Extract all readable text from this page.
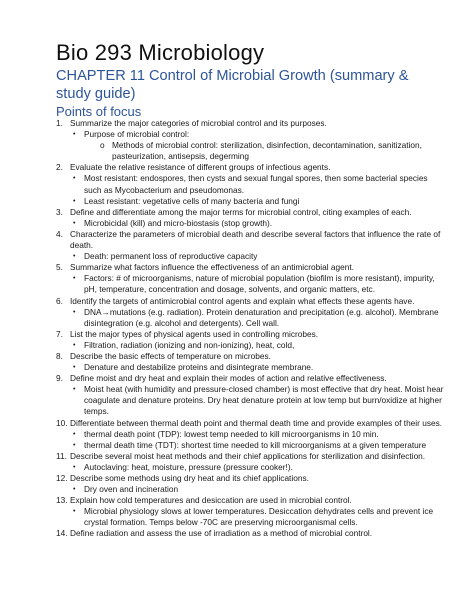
Bio 293 Microbiology
CHAPTER 11 Control of Microbial Growth (summary & study guide)
Points of focus
1. Summarize the major categories of microbial control and its purposes.
• Purpose of microbial control:
o Methods of microbial control: sterilization, disinfection, decontamination, sanitization, pasteurization, antisepsis, degerming
2. Evaluate the relative resistance of different groups of infectious agents.
• Most resistant: endospores, then cysts and sexual fungal spores, then some bacterial species such as Mycobacterium and pseudomonas.
• Least resistant: vegetative cells of many bacteria and fungi
3. Define and differentiate among the major terms for microbial control, citing examples of each.
• Microbicidal (kill) and micro-biostasis (stop growth).
4. Characterize the parameters of microbial death and describe several factors that influence the rate of death.
• Death: permanent loss of reproductive capacity
5. Summarize what factors influence the effectiveness of an antimicrobial agent.
• Factors: # of microorganisms, nature of microbial population (biofilm is more resistant), impurity, pH, temperature, concentration and dosage, solvents, and organic matters, etc.
6. Identify the targets of antimicrobial control agents and explain what effects these agents have.
• DNA→mutations (e.g. radiation). Protein denaturation and precipitation (e.g. alcohol). Membrane disintegration (e.g. alcohol and detergents). Cell wall.
7. List the major types of physical agents used in controlling microbes.
• Filtration, radiation (ionizing and non-ionizing), heat, cold,
8. Describe the basic effects of temperature on microbes.
• Denature and destabilize proteins and disintegrate membrane.
9. Define moist and dry heat and explain their modes of action and relative effectiveness.
• Moist heat (with humidity and pressure-closed chamber) is most effective that dry heat. Moist hear coagulate and denature proteins. Dry heat denature protein at low temp but burn/oxidize at higher temps.
10. Differentiate between thermal death point and thermal death time and provide examples of their uses.
• thermal death point (TDP): lowest temp needed to kill microorganisms in 10 min.
• thermal death time (TDT): shortest time needed to kill microorganisms at a given temperature
11. Describe several moist heat methods and their chief applications for sterilization and disinfection.
• Autoclaving: heat, moisture, pressure (pressure cooker!).
12. Describe some methods using dry heat and its chief applications.
• Dry oven and incineration
13. Explain how cold temperatures and desiccation are used in microbial control.
• Microbial physiology slows at lower temperatures. Desiccation dehydrates cells and prevent ice crystal formation. Temps below -70C are preserving microorganismal cells.
14. Define radiation and assess the use of irradiation as a method of microbial control.
